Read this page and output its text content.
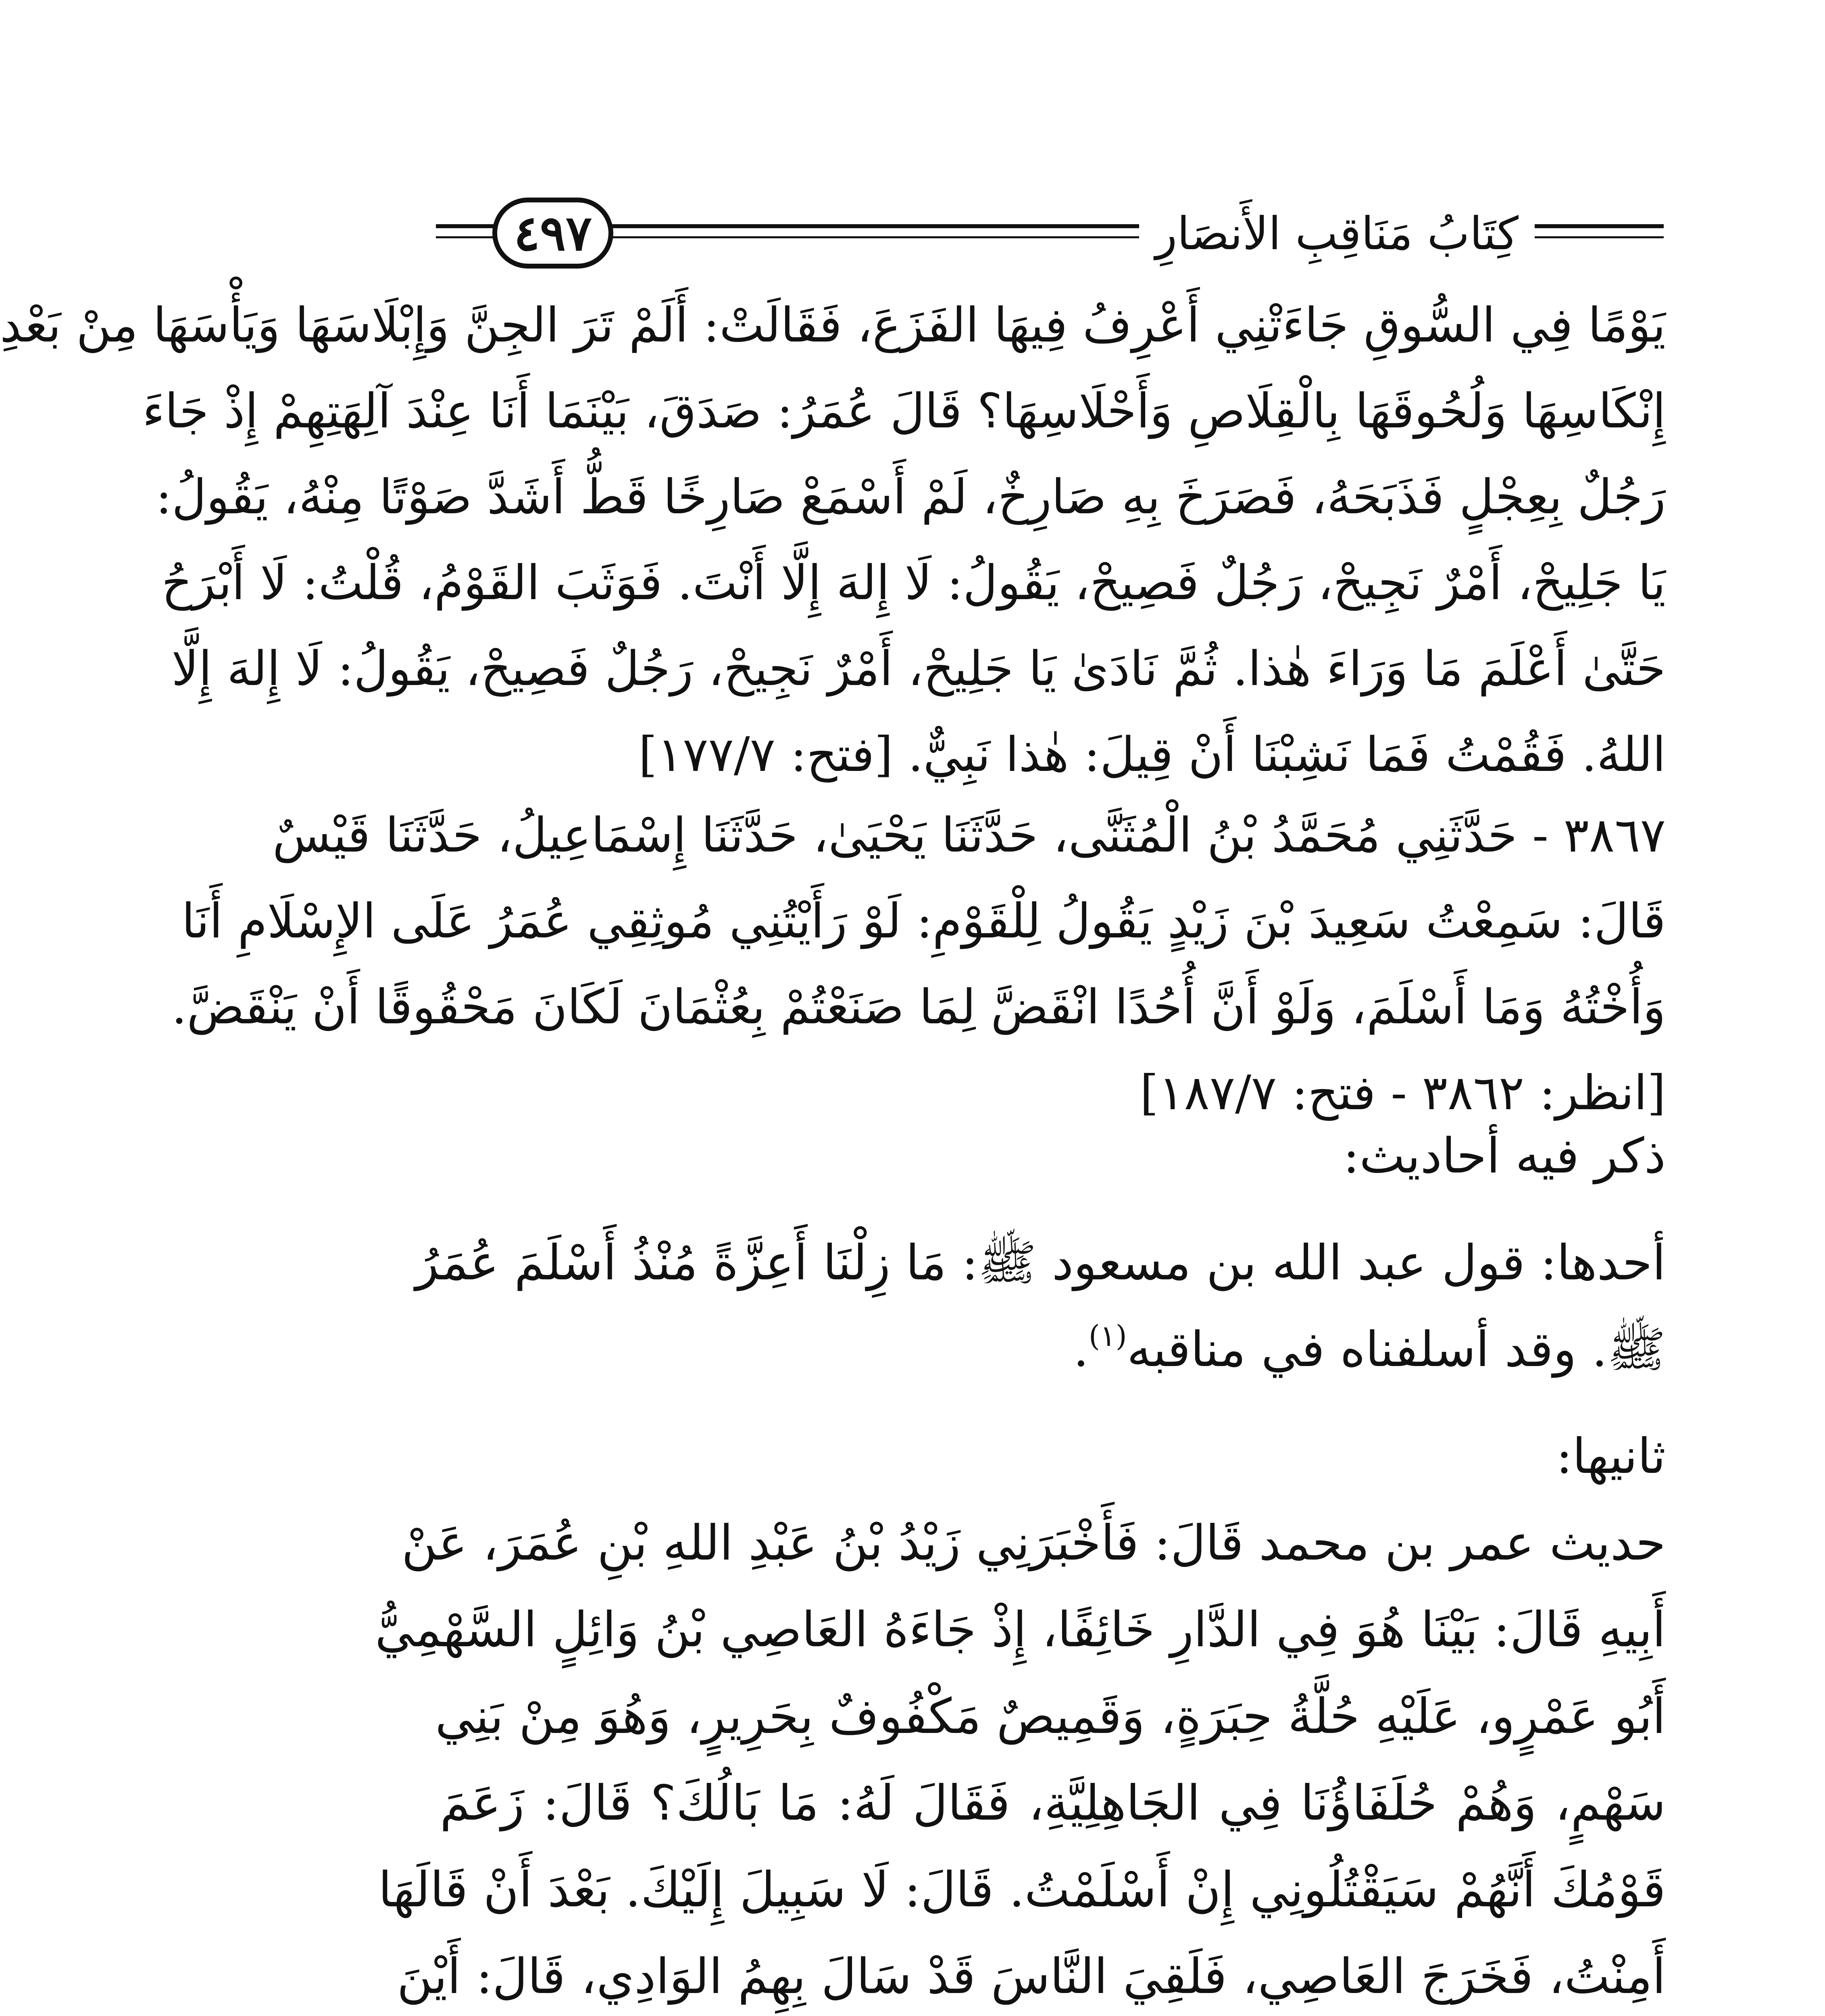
٤٩٧	كِتَابُ مَنَاقِبِ الأَنصَارِ
يَوْمًا فِي السُّوقِ جَاءَتْنِي أَعْرِفُ فِيهَا الفَزَعَ، فَقَالَتْ: أَلَمْ تَرَ الجِنَّ وَإِبْلَاسَهَا وَيَأْسَهَا مِنْ بَعْدِ
إِنْكَاسِهَا وَلُحُوقَهَا بِالْقِلَاصِ وَأَحْلَاسِهَا؟ قَالَ عُمَرُ: صَدَقَ، بَيْنَمَا أَنَا عِنْدَ آلِهَتِهِمْ إِذْ جَاءَ
رَجُلٌ بِعِجْلٍ فَذَبَحَهُ، فَصَرَخَ بِهِ صَارِخٌ، لَمْ أَسْمَعْ صَارِخًا قَطُّ أَشَدَّ صَوْتًا مِنْهُ، يَقُولُ:
يَا جَلِيحْ، أَمْرٌ نَجِيحْ، رَجُلٌ فَصِيحْ، يَقُولُ: لَا إِلهَ إِلَّا أَنْتَ. فَوَثَبَ القَوْمُ، قُلْتُ: لَا أَبْرَحُ
حَتَّىٰ أَعْلَمَ مَا وَرَاءَ هٰذا. ثُمَّ نَادَىٰ يَا جَلِيحْ، أَمْرٌ نَجِيحْ، رَجُلٌ فَصِيحْ، يَقُولُ: لَا إِلهَ إِلَّا
اللهُ. فَقُمْتُ فَمَا نَشِبْنَا أَنْ قِيلَ: هٰذا نَبِيٌّ. [فتح: ١٧٧/٧]
٣٨٦٧ - حَدَّثَنِي مُحَمَّدُ بْنُ الْمُثَنَّى، حَدَّثَنَا يَحْيَىٰ، حَدَّثَنَا إِسْمَاعِيلُ، حَدَّثَنَا قَيْسٌ
قَالَ: سَمِعْتُ سَعِيدَ بْنَ زَيْدٍ يَقُولُ لِلْقَوْمِ: لَوْ رَأَيْتُنِي مُوثِقِي عُمَرُ عَلَى الإِسْلَامِ أَنَا
وَأُخْتُهُ وَمَا أَسْلَمَ، وَلَوْ أَنَّ أُحُدًا انْقَضَّ لِمَا صَنَعْتُمْ بِعُثْمَانَ لَكَانَ مَحْقُوقًا أَنْ يَنْقَضَّ.
[انظر: ٣٨٦٢ - فتح: ١٨٧/٧]
ذكر فيه أحاديث:
أحدها: قول عبد الله بن مسعود ﷺ: مَا زِلْنَا أَعِزَّةً مُنْذُ أَسْلَمَ عُمَرُ
ﷺ. وقد أسلفناه في مناقبه$^{(١)}$.
ثانيها:
حديث عمر بن محمد قَالَ: فَأَخْبَرَنِي زَيْدُ بْنُ عَبْدِ اللهِ بْنِ عُمَرَ، عَنْ
أَبِيهِ قَالَ: بَيْنَا هُوَ فِي الدَّارِ خَائِفًا، إِذْ جَاءَهُ العَاصِي بْنُ وَائِلٍ السَّهْمِيُّ
أَبُو عَمْرٍو، عَلَيْهِ حُلَّةُ حِبَرَةٍ، وَقَمِيصٌ مَكْفُوفٌ بِحَرِيرٍ، وَهُوَ مِنْ بَنِي
سَهْمٍ، وَهُمْ حُلَفَاؤُنَا فِي الجَاهِلِيَّةِ، فَقَالَ لَهُ: مَا بَالُكَ؟ قَالَ: زَعَمَ
قَوْمُكَ أَنَّهُمْ سَيَقْتُلُونِي إِنْ أَسْلَمْتُ. قَالَ: لَا سَبِيلَ إِلَيْكَ. بَعْدَ أَنْ قَالَهَا
أَمِنْتُ، فَخَرَجَ العَاصِي، فَلَقِيَ النَّاسَ قَدْ سَالَ بِهِمُ الوَادِي، قَالَ: أَيْنَ
